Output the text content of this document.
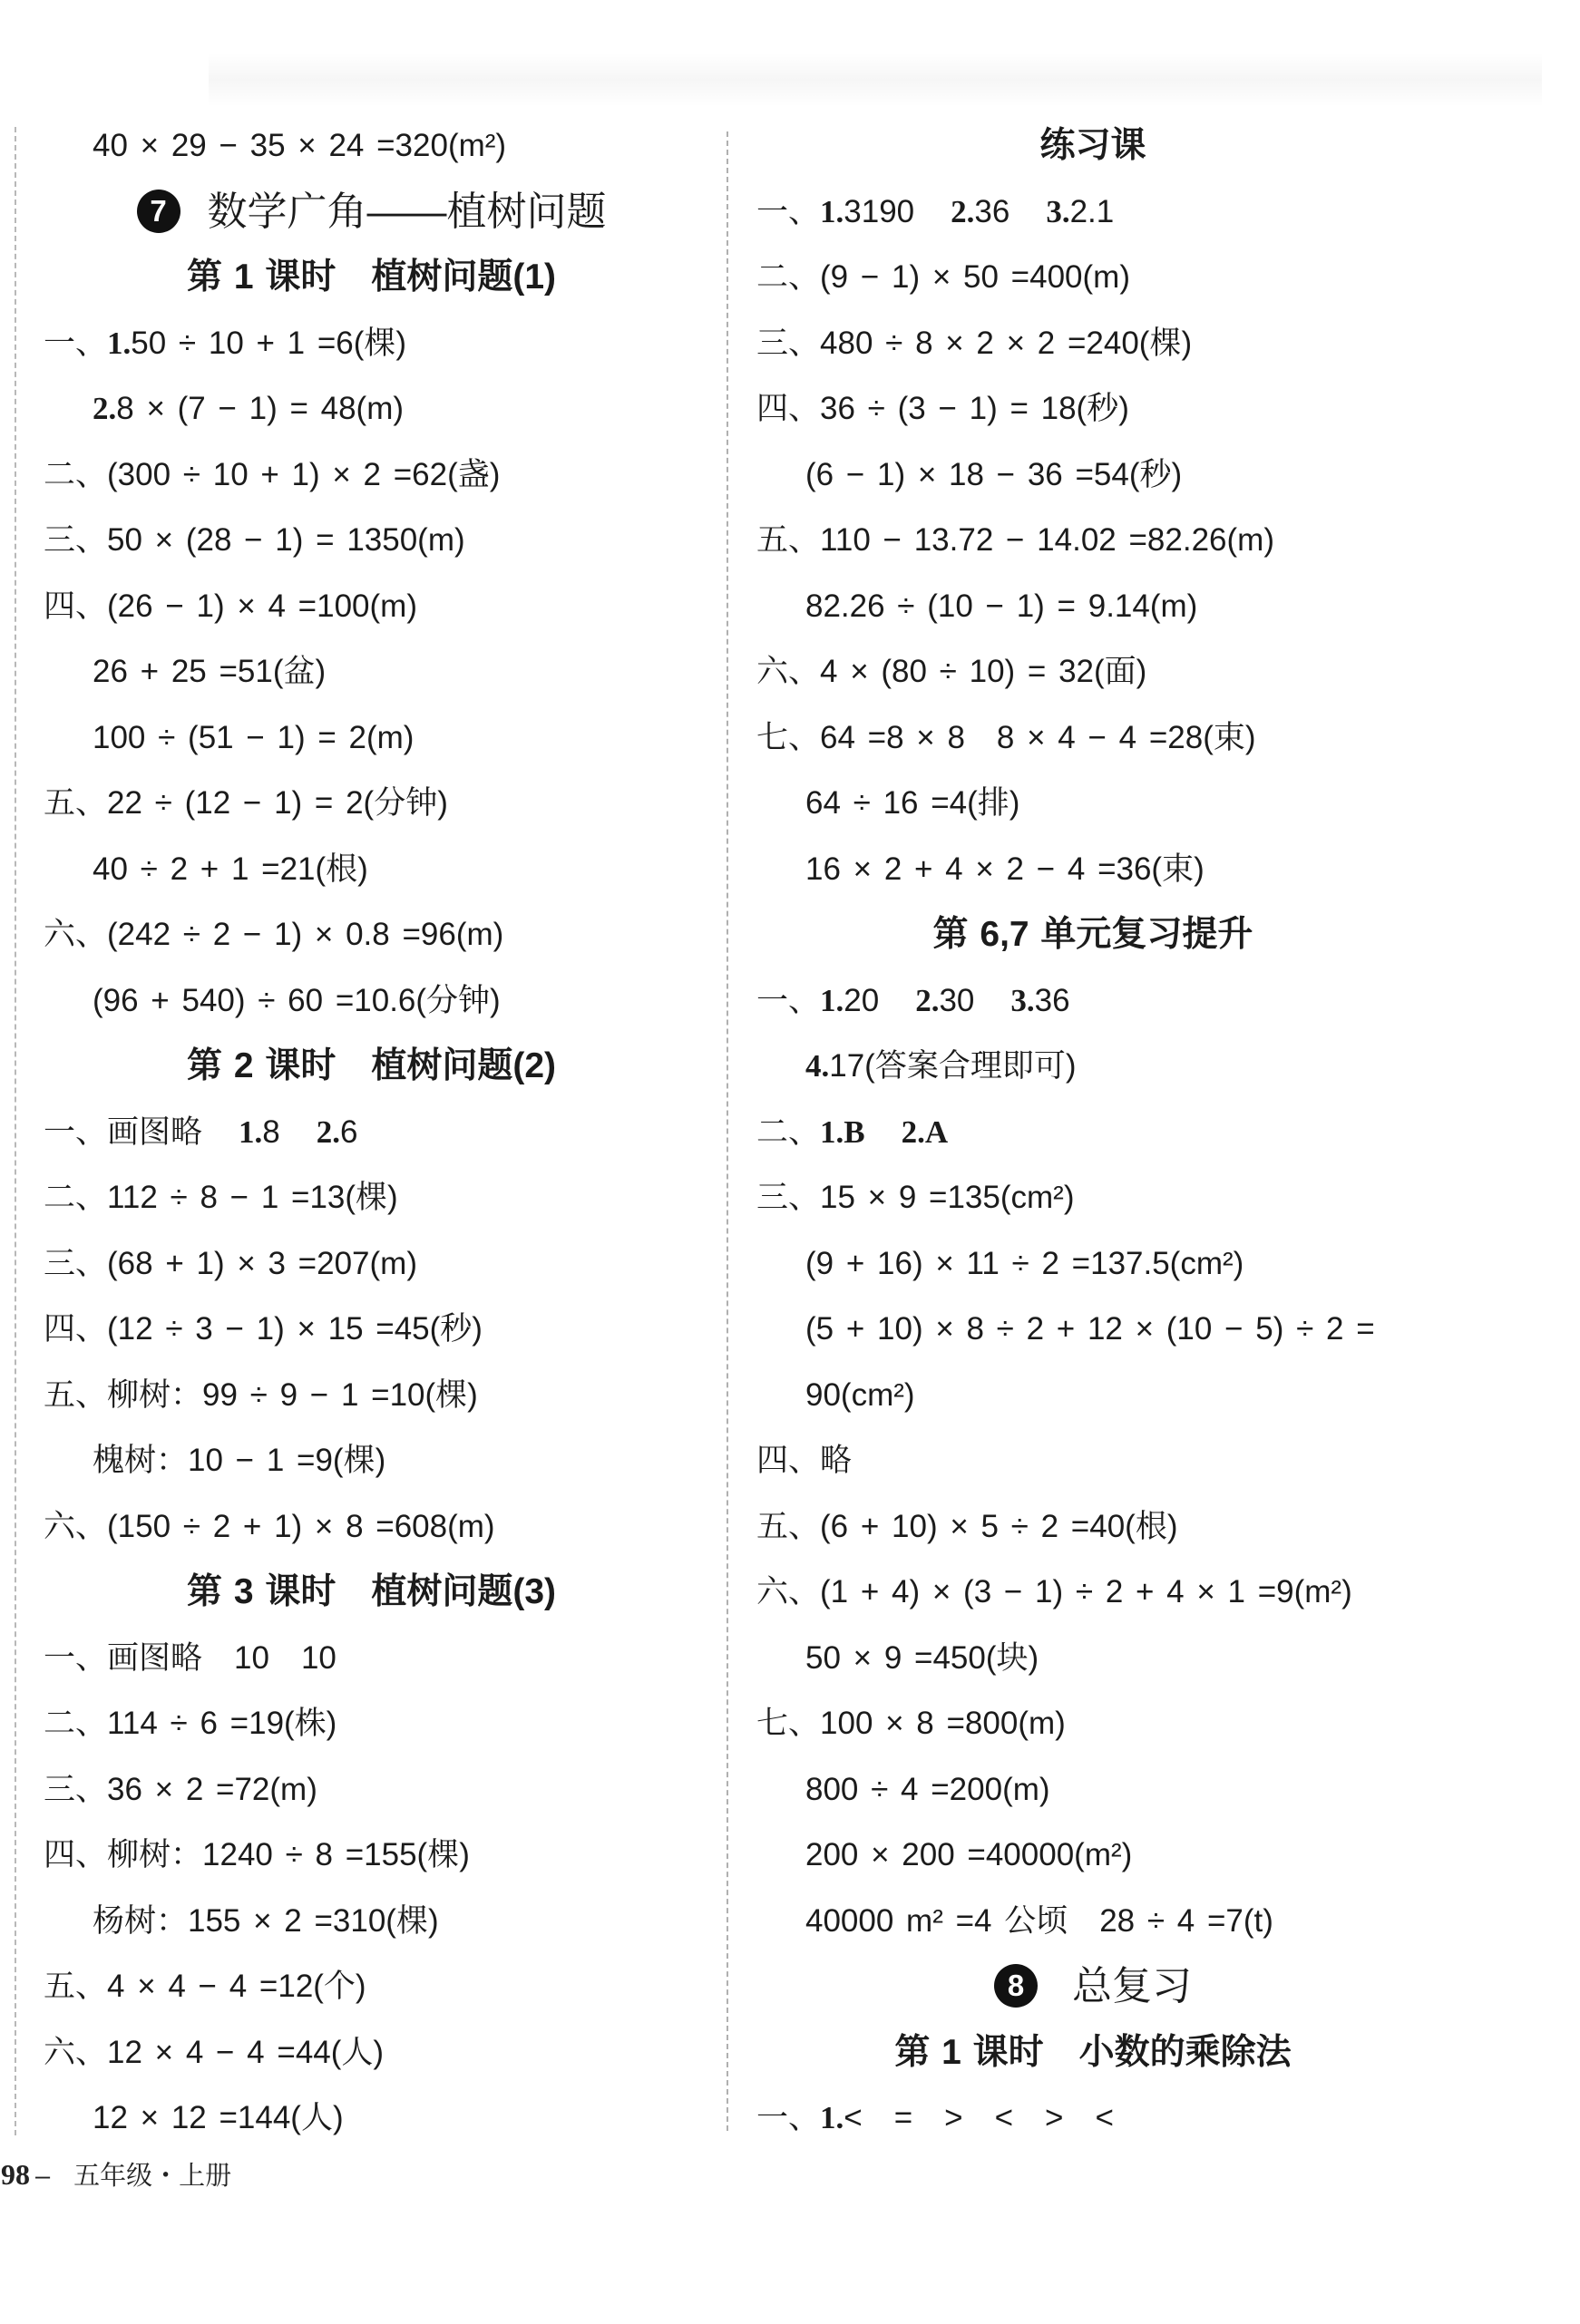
40 × 29 − 35 × 24 =320(m²)
7 数学广角——植树问题
第 1 课时　植树问题(1)
一、1.50 ÷ 10 + 1 =6(棵)
2.8 × (7 − 1) = 48(m)
二、(300 ÷ 10 + 1) × 2 =62(盏)
三、50 × (28 − 1) = 1350(m)
四、(26 − 1) × 4 =100(m)
26 + 25 =51(盆)
100 ÷ (51 − 1) = 2(m)
五、22 ÷ (12 − 1) = 2(分钟)
40 ÷ 2 + 1 =21(根)
六、(242 ÷ 2 − 1) × 0.8 =96(m)
(96 + 540) ÷ 60 =10.6(分钟)
第 2 课时　植树问题(2)
一、画图略 1.8 2.6
二、112 ÷ 8 − 1 =13(棵)
三、(68 + 1) × 3 =207(m)
四、(12 ÷ 3 − 1) × 15 =45(秒)
五、柳树：99 ÷ 9 − 1 =10(棵)
槐树：10 − 1 =9(棵)
六、(150 ÷ 2 + 1) × 8 =608(m)
第 3 课时　植树问题(3)
一、画图略　10　10
二、114 ÷ 6 =19(株)
三、36 × 2 =72(m)
四、柳树：1240 ÷ 8 =155(棵)
杨树：155 × 2 =310(棵)
五、4 × 4 − 4 =12(个)
六、12 × 4 − 4 =44(人)
12 × 12 =144(人)
练习课
一、1.3190 2.36 3.2.1
二、(9 − 1) × 50 =400(m)
三、480 ÷ 8 × 2 × 2 =240(棵)
四、36 ÷ (3 − 1) = 18(秒)
(6 − 1) × 18 − 36 =54(秒)
五、110 − 13.72 − 14.02 =82.26(m)
82.26 ÷ (10 − 1) = 9.14(m)
六、4 × (80 ÷ 10) = 32(面)
七、64 =8 × 8　8 × 4 − 4 =28(束)
64 ÷ 16 =4(排)
16 × 2 + 4 × 2 − 4 =36(束)
第 6,7 单元复习提升
一、1.20 2.30 3.36
4.17(答案合理即可)
二、1.B 2.A
三、15 × 9 =135(cm²)
(9 + 16) × 11 ÷ 2 =137.5(cm²)
(5 + 10) × 8 ÷ 2 + 12 × (10 − 5) ÷ 2 =
90(cm²)
四、略
五、(6 + 10) × 5 ÷ 2 =40(根)
六、(1 + 4) × (3 − 1) ÷ 2 + 4 × 1 =9(m²)
50 × 9 =450(块)
七、100 × 8 =800(m)
800 ÷ 4 =200(m)
200 × 200 =40000(m²)
40000 m² =4 公顷　28 ÷ 4 =7(t)
8 总复习
第 1 课时　小数的乘除法
一、1.<　=　>　<　>　<
98 – 五年级・上册
